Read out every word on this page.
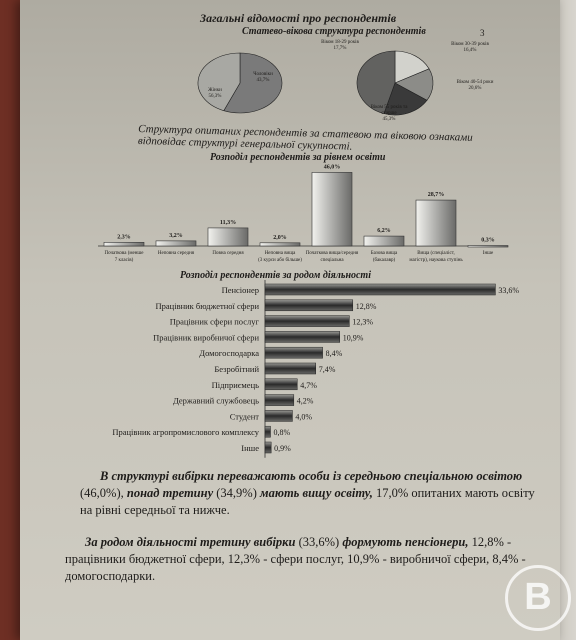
Загальні відомості про респондентів
3
Статево-вікова структура респондентів
Жінки
56,3%
Чоловіки
43,7%
Віком 18-29 років
17,7%
Віком 30-39 років
16,4%
Віком 40-54 роки
20,6%
Віком 55 років та старше
45,3%
Структура опитаних респондентів за статевою та віковою ознаками відповідає структурі генеральної сукупності.
Розподіл респондентів за рівнем освіти
2,3%
Початкова (менше
7 класів)
3,2%
Неповна середня
11,3%
Повна середня
2,0%
Неповна вища
(3 курси або більше)
46,0%
Початкова вища/середня
спеціальна
6,2%
Базова вища
(бакалавр)
28,7%
Вища (спеціаліст,
магістр), наукова ступінь
0,3%
Інше
Розподіл респондентів за родом діяльності
Пенсіонер	33,6%
Працівник бюджетної сфери	12,8%
Працівник сфери послуг	12,3%
Працівник виробничої сфери	10,9%
Домогосподарка	8,4%
Безробітний	7,4%
Підприємець	4,7%
Державний службовець	4,2%
Студент	4,0%
Працівник агропромислового комплексу 0,8%
Інше 0,9%
В структурі вибірки переважають особи із середньою спеціальною освітою (46,0%), понад третину (34,9%) мають вищу освіту, 17,0% опитаних мають освіту на рівні середньої та нижче.
За родом діяльності третину вибірки (33,6%) формують пенсіонери, 12,8% - працівники бюджетної сфери, 12,3% - сфери послуг, 10,9% - виробничої сфери, 8,4% - домогосподарки.	В
